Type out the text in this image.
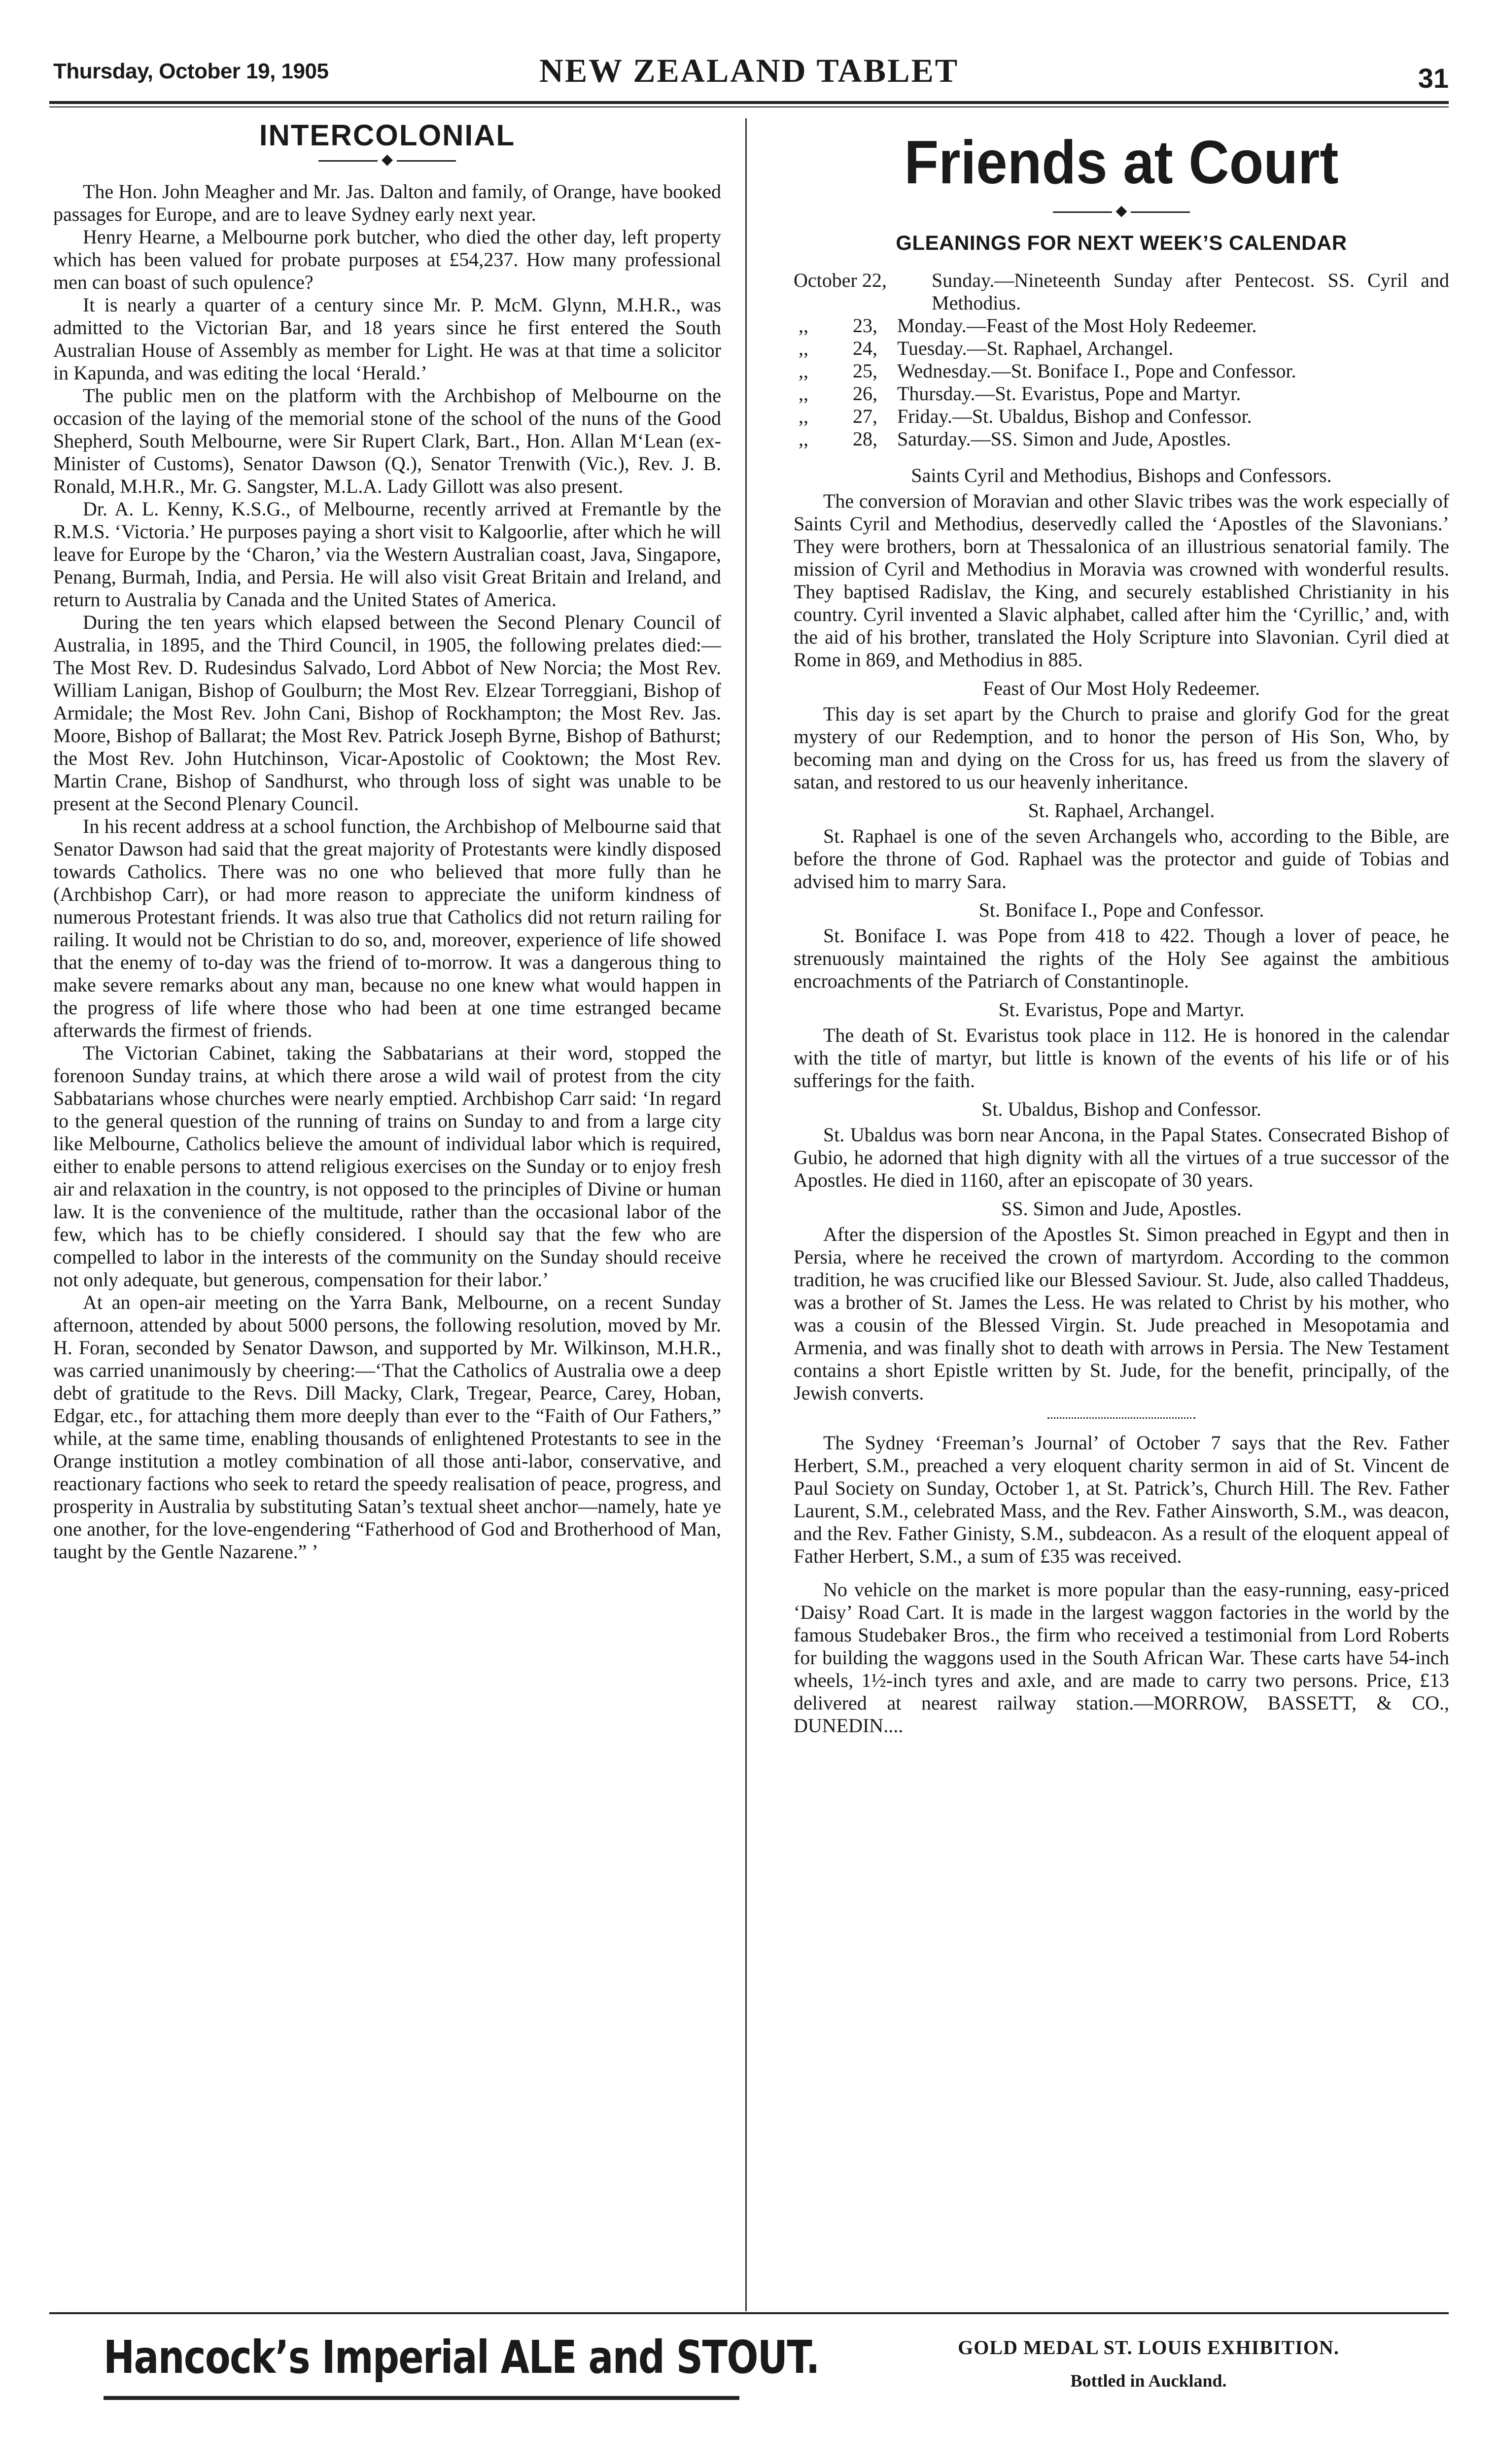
Thursday, October 19, 1905	NEW ZEALAND TABLET	31
INTERCOLONIAL
◆

The Hon. John Meagher and Mr. Jas. Dalton and family, of Orange, have booked passages for Europe, and are to leave Sydney early next year.

Henry Hearne, a Melbourne pork butcher, who died the other day, left property which has been valued for probate purposes at £54,237. How many professional men can boast of such opulence?

It is nearly a quarter of a century since Mr. P. McM. Glynn, M.H.R., was admitted to the Victorian Bar, and 18 years since he first entered the South Australian House of Assembly as member for Light. He was at that time a solicitor in Kapunda, and was editing the local ‘Herald.’

The public men on the platform with the Archbishop of Melbourne on the occasion of the laying of the memorial stone of the school of the nuns of the Good Shepherd, South Melbourne, were Sir Rupert Clark, Bart., Hon. Allan M‘Lean (ex-Minister of Customs), Senator Dawson (Q.), Senator Trenwith (Vic.), Rev. J. B. Ronald, M.H.R., Mr. G. Sangster, M.L.A. Lady Gillott was also present.

Dr. A. L. Kenny, K.S.G., of Melbourne, recently arrived at Fremantle by the R.M.S. ‘Victoria.’ He purposes paying a short visit to Kalgoorlie, after which he will leave for Europe by the ‘Charon,’ via the Western Australian coast, Java, Singapore, Penang, Burmah, India, and Persia. He will also visit Great Britain and Ireland, and return to Australia by Canada and the United States of America.

During the ten years which elapsed between the Second Plenary Council of Australia, in 1895, and the Third Council, in 1905, the following prelates died:—The Most Rev. D. Rudesindus Salvado, Lord Abbot of New Norcia; the Most Rev. William Lanigan, Bishop of Goulburn; the Most Rev. Elzear Torreggiani, Bishop of Armidale; the Most Rev. John Cani, Bishop of Rockhampton; the Most Rev. Jas. Moore, Bishop of Ballarat; the Most Rev. Patrick Joseph Byrne, Bishop of Bathurst; the Most Rev. John Hutchinson, Vicar-Apostolic of Cooktown; the Most Rev. Martin Crane, Bishop of Sandhurst, who through loss of sight was unable to be present at the Second Plenary Council.

In his recent address at a school function, the Archbishop of Melbourne said that Senator Dawson had said that the great majority of Protestants were kindly disposed towards Catholics. There was no one who believed that more fully than he (Archbishop Carr), or had more reason to appreciate the uniform kindness of numerous Protestant friends. It was also true that Catholics did not return railing for railing. It would not be Christian to do so, and, moreover, experience of life showed that the enemy of to-day was the friend of to-morrow. It was a dangerous thing to make severe remarks about any man, because no one knew what would happen in the progress of life where those who had been at one time estranged became afterwards the firmest of friends.

The Victorian Cabinet, taking the Sabbatarians at their word, stopped the forenoon Sunday trains, at which there arose a wild wail of protest from the city Sabbatarians whose churches were nearly emptied. Archbishop Carr said: ‘In regard to the general question of the running of trains on Sunday to and from a large city like Melbourne, Catholics believe the amount of individual labor which is required, either to enable persons to attend religious exercises on the Sunday or to enjoy fresh air and relaxation in the country, is not opposed to the principles of Divine or human law. It is the convenience of the multitude, rather than the occasional labor of the few, which has to be chiefly considered. I should say that the few who are compelled to labor in the interests of the community on the Sunday should receive not only adequate, but generous, compensation for their labor.’

At an open-air meeting on the Yarra Bank, Melbourne, on a recent Sunday afternoon, attended by about 5000 persons, the following resolution, moved by Mr. H. Foran, seconded by Senator Dawson, and supported by Mr. Wilkinson, M.H.R., was carried unanimously by cheering:—‘That the Catholics of Australia owe a deep debt of gratitude to the Revs. Dill Macky, Clark, Tregear, Pearce, Carey, Hoban, Edgar, etc., for attaching them more deeply than ever to the “Faith of Our Fathers,” while, at the same time, enabling thousands of enlightened Protestants to see in the Orange institution a motley combination of all those anti-labor, conservative, and reactionary factions who seek to retard the speedy realisation of peace, progress, and prosperity in Australia by substituting Satan’s textual sheet anchor—namely, hate ye one another, for the love-engendering “Fatherhood of God and Brotherhood of Man, taught by the Gentle Nazarene.” ’

Friends at Court
◆
GLEANINGS FOR NEXT WEEK’S CALENDAR
October 22,	Sunday.—Nineteenth Sunday after Pentecost. SS. Cyril and Methodius.
,,	23,	Monday.—Feast of the Most Holy Redeemer.
,,	24,	Tuesday.—St. Raphael, Archangel.
,,	25,	Wednesday.—St. Boniface I., Pope and Confessor.
,,	26,	Thursday.—St. Evaristus, Pope and Martyr.
,,	27,	Friday.—St. Ubaldus, Bishop and Confessor.
,,	28,	Saturday.—SS. Simon and Jude, Apostles.

Saints Cyril and Methodius, Bishops and Confessors.

The conversion of Moravian and other Slavic tribes was the work especially of Saints Cyril and Methodius, deservedly called the ‘Apostles of the Slavonians.’ They were brothers, born at Thessalonica of an illustrious senatorial family. The mission of Cyril and Methodius in Moravia was crowned with wonderful results. They baptised Radislav, the King, and securely established Christianity in his country. Cyril invented a Slavic alphabet, called after him the ‘Cyrillic,’ and, with the aid of his brother, translated the Holy Scripture into Slavonian. Cyril died at Rome in 869, and Methodius in 885.

Feast of Our Most Holy Redeemer.

This day is set apart by the Church to praise and glorify God for the great mystery of our Redemption, and to honor the person of His Son, Who, by becoming man and dying on the Cross for us, has freed us from the slavery of satan, and restored to us our heavenly inheritance.

St. Raphael, Archangel.

St. Raphael is one of the seven Archangels who, according to the Bible, are before the throne of God. Raphael was the protector and guide of Tobias and advised him to marry Sara.

St. Boniface I., Pope and Confessor.

St. Boniface I. was Pope from 418 to 422. Though a lover of peace, he strenuously maintained the rights of the Holy See against the ambitious encroachments of the Patriarch of Constantinople.

St. Evaristus, Pope and Martyr.

The death of St. Evaristus took place in 112. He is honored in the calendar with the title of martyr, but little is known of the events of his life or of his sufferings for the faith.

St. Ubaldus, Bishop and Confessor.

St. Ubaldus was born near Ancona, in the Papal States. Consecrated Bishop of Gubio, he adorned that high dignity with all the virtues of a true successor of the Apostles. He died in 1160, after an episcopate of 30 years.

SS. Simon and Jude, Apostles.

After the dispersion of the Apostles St. Simon preached in Egypt and then in Persia, where he received the crown of martyrdom. According to the common tradition, he was crucified like our Blessed Saviour. St. Jude, also called Thaddeus, was a brother of St. James the Less. He was related to Christ by his mother, who was a cousin of the Blessed Virgin. St. Jude preached in Mesopotamia and Armenia, and was finally shot to death with arrows in Persia. The New Testament contains a short Epistle written by St. Jude, for the benefit, principally, of the Jewish converts.

The Sydney ‘Freeman’s Journal’ of October 7 says that the Rev. Father Herbert, S.M., preached a very eloquent charity sermon in aid of St. Vincent de Paul Society on Sunday, October 1, at St. Patrick’s, Church Hill. The Rev. Father Laurent, S.M., celebrated Mass, and the Rev. Father Ainsworth, S.M., was deacon, and the Rev. Father Ginisty, S.M., subdeacon. As a result of the eloquent appeal of Father Herbert, S.M., a sum of £35 was received.

No vehicle on the market is more popular than the easy-running, easy-priced ‘Daisy’ Road Cart. It is made in the largest waggon factories in the world by the famous Studebaker Bros., the firm who received a testimonial from Lord Roberts for building the waggons used in the South African War. These carts have 54-inch wheels, 1½-inch tyres and axle, and are made to carry two persons. Price, £13 delivered at nearest railway station.—MORROW, BASSETT, & CO., DUNEDIN....

Hancock’s Imperial ALE and STOUT.	GOLD MEDAL ST. LOUIS EXHIBITION.
Bottled in Auckland.
